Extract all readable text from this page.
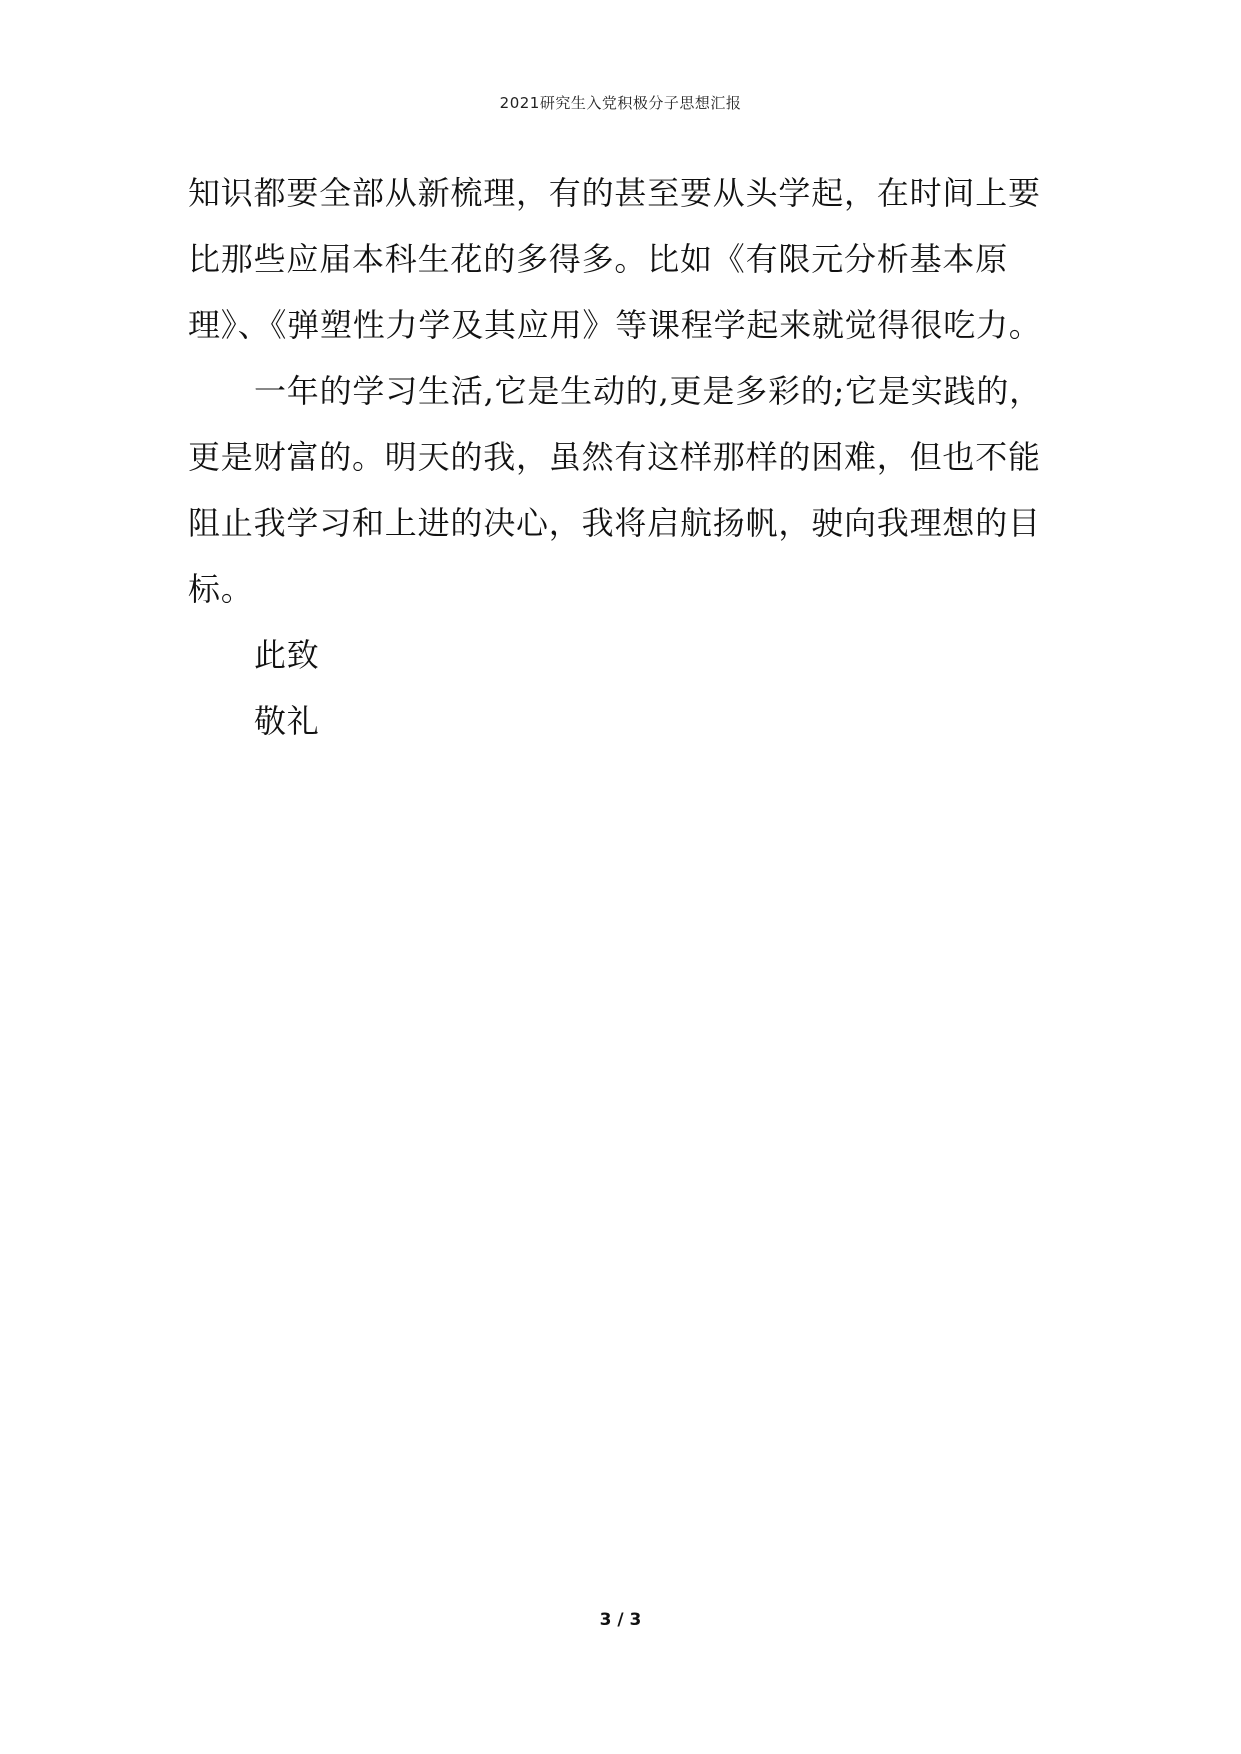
2021研究生入党积极分子思想汇报
知识都要全部从新梳理，有的甚至要从头学起，在时间上要
比那些应届本科生花的多得多。比如《有限元分析基本原
理》、《弹塑性力学及其应用》等课程学起来就觉得很吃力。
一年的学习生活,它是生动的,更是多彩的;它是实践的，
更是财富的。明天的我，虽然有这样那样的困难，但也不能
阻止我学习和上进的决心，我将启航扬帆，驶向我理想的目
标。
此致
敬礼
3 / 3
